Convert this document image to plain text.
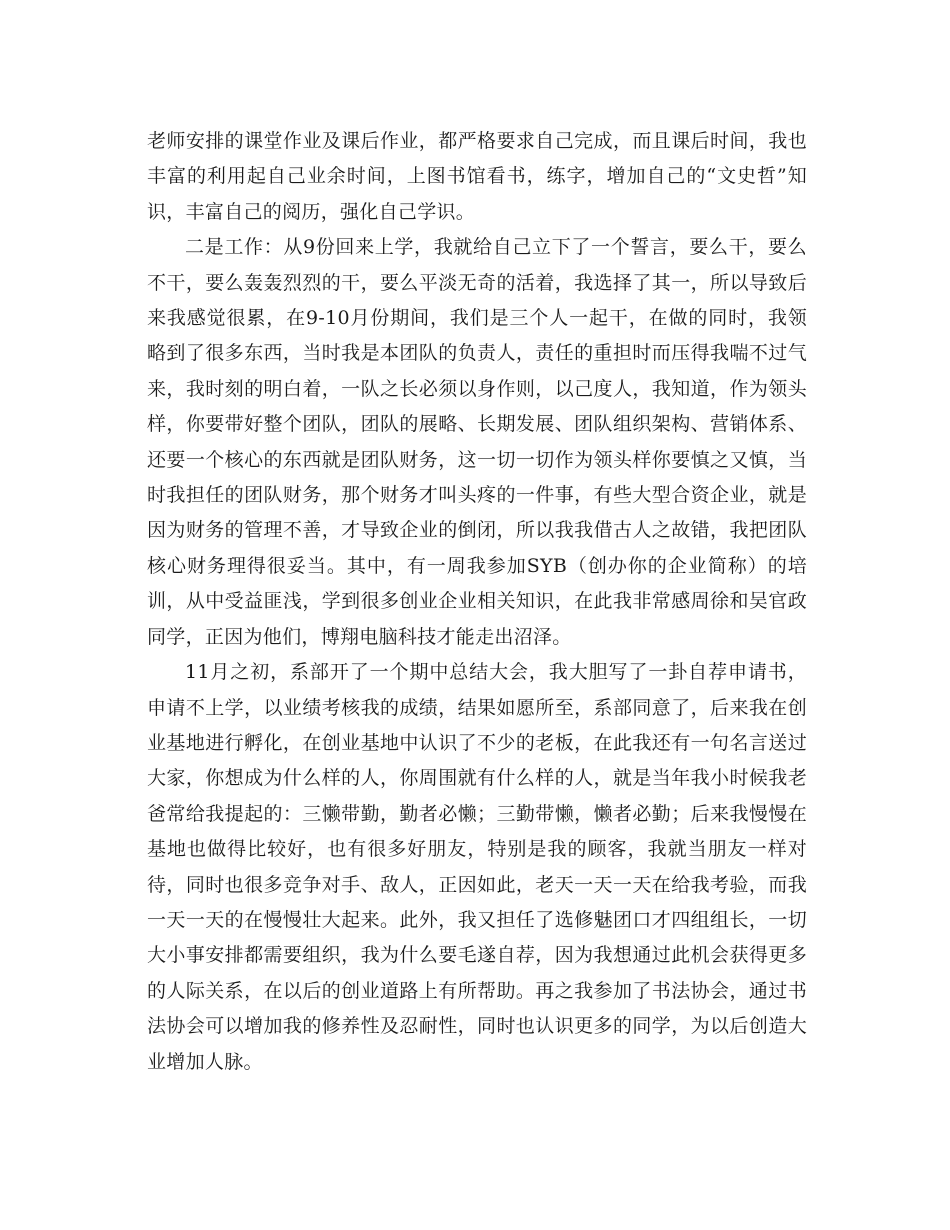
老师安排的课堂作业及课后作业，都严格要求自己完成，而且课后时间，我也丰富的利用起自己业余时间，上图书馆看书，练字，增加自己的“文史哲”知识，丰富自己的阅历，强化自己学识。

二是工作：从9份回来上学，我就给自己立下了一个誓言，要么干，要么不干，要么轰轰烈烈的干，要么平淡无奇的活着，我选择了其一，所以导致后来我感觉很累，在9-10月份期间，我们是三个人一起干，在做的同时，我领略到了很多东西，当时我是本团队的负责人，责任的重担时而压得我喘不过气来，我时刻的明白着，一队之长必须以身作则，以己度人，我知道，作为领头样，你要带好整个团队，团队的展略、长期发展、团队组织架构、营销体系、还要一个核心的东西就是团队财务，这一切一切作为领头样你要慎之又慎，当时我担任的团队财务，那个财务才叫头疼的一件事，有些大型合资企业，就是因为财务的管理不善，才导致企业的倒闭，所以我我借古人之故错，我把团队核心财务理得很妥当。其中，有一周我参加SYB（创办你的企业简称）的培训，从中受益匪浅，学到很多创业企业相关知识，在此我非常感周徐和吴官政同学，正因为他们，博翔电脑科技才能走出沼泽。

11月之初，系部开了一个期中总结大会，我大胆写了一卦自荐申请书，申请不上学，以业绩考核我的成绩，结果如愿所至，系部同意了，后来我在创业基地进行孵化，在创业基地中认识了不少的老板，在此我还有一句名言送过大家，你想成为什么样的人，你周围就有什么样的人，就是当年我小时候我老爸常给我提起的：三懒带勤，勤者必懒；三勤带懒，懒者必勤；后来我慢慢在基地也做得比较好，也有很多好朋友，特别是我的顾客，我就当朋友一样对待，同时也很多竞争对手、敌人，正因如此，老天一天一天在给我考验，而我一天一天的在慢慢壮大起来。此外，我又担任了选修魅团口才四组组长，一切大小事安排都需要组织，我为什么要毛遂自荐，因为我想通过此机会获得更多的人际关系，在以后的创业道路上有所帮助。再之我参加了书法协会，通过书法协会可以增加我的修养性及忍耐性，同时也认识更多的同学，为以后创造大业增加人脉。
